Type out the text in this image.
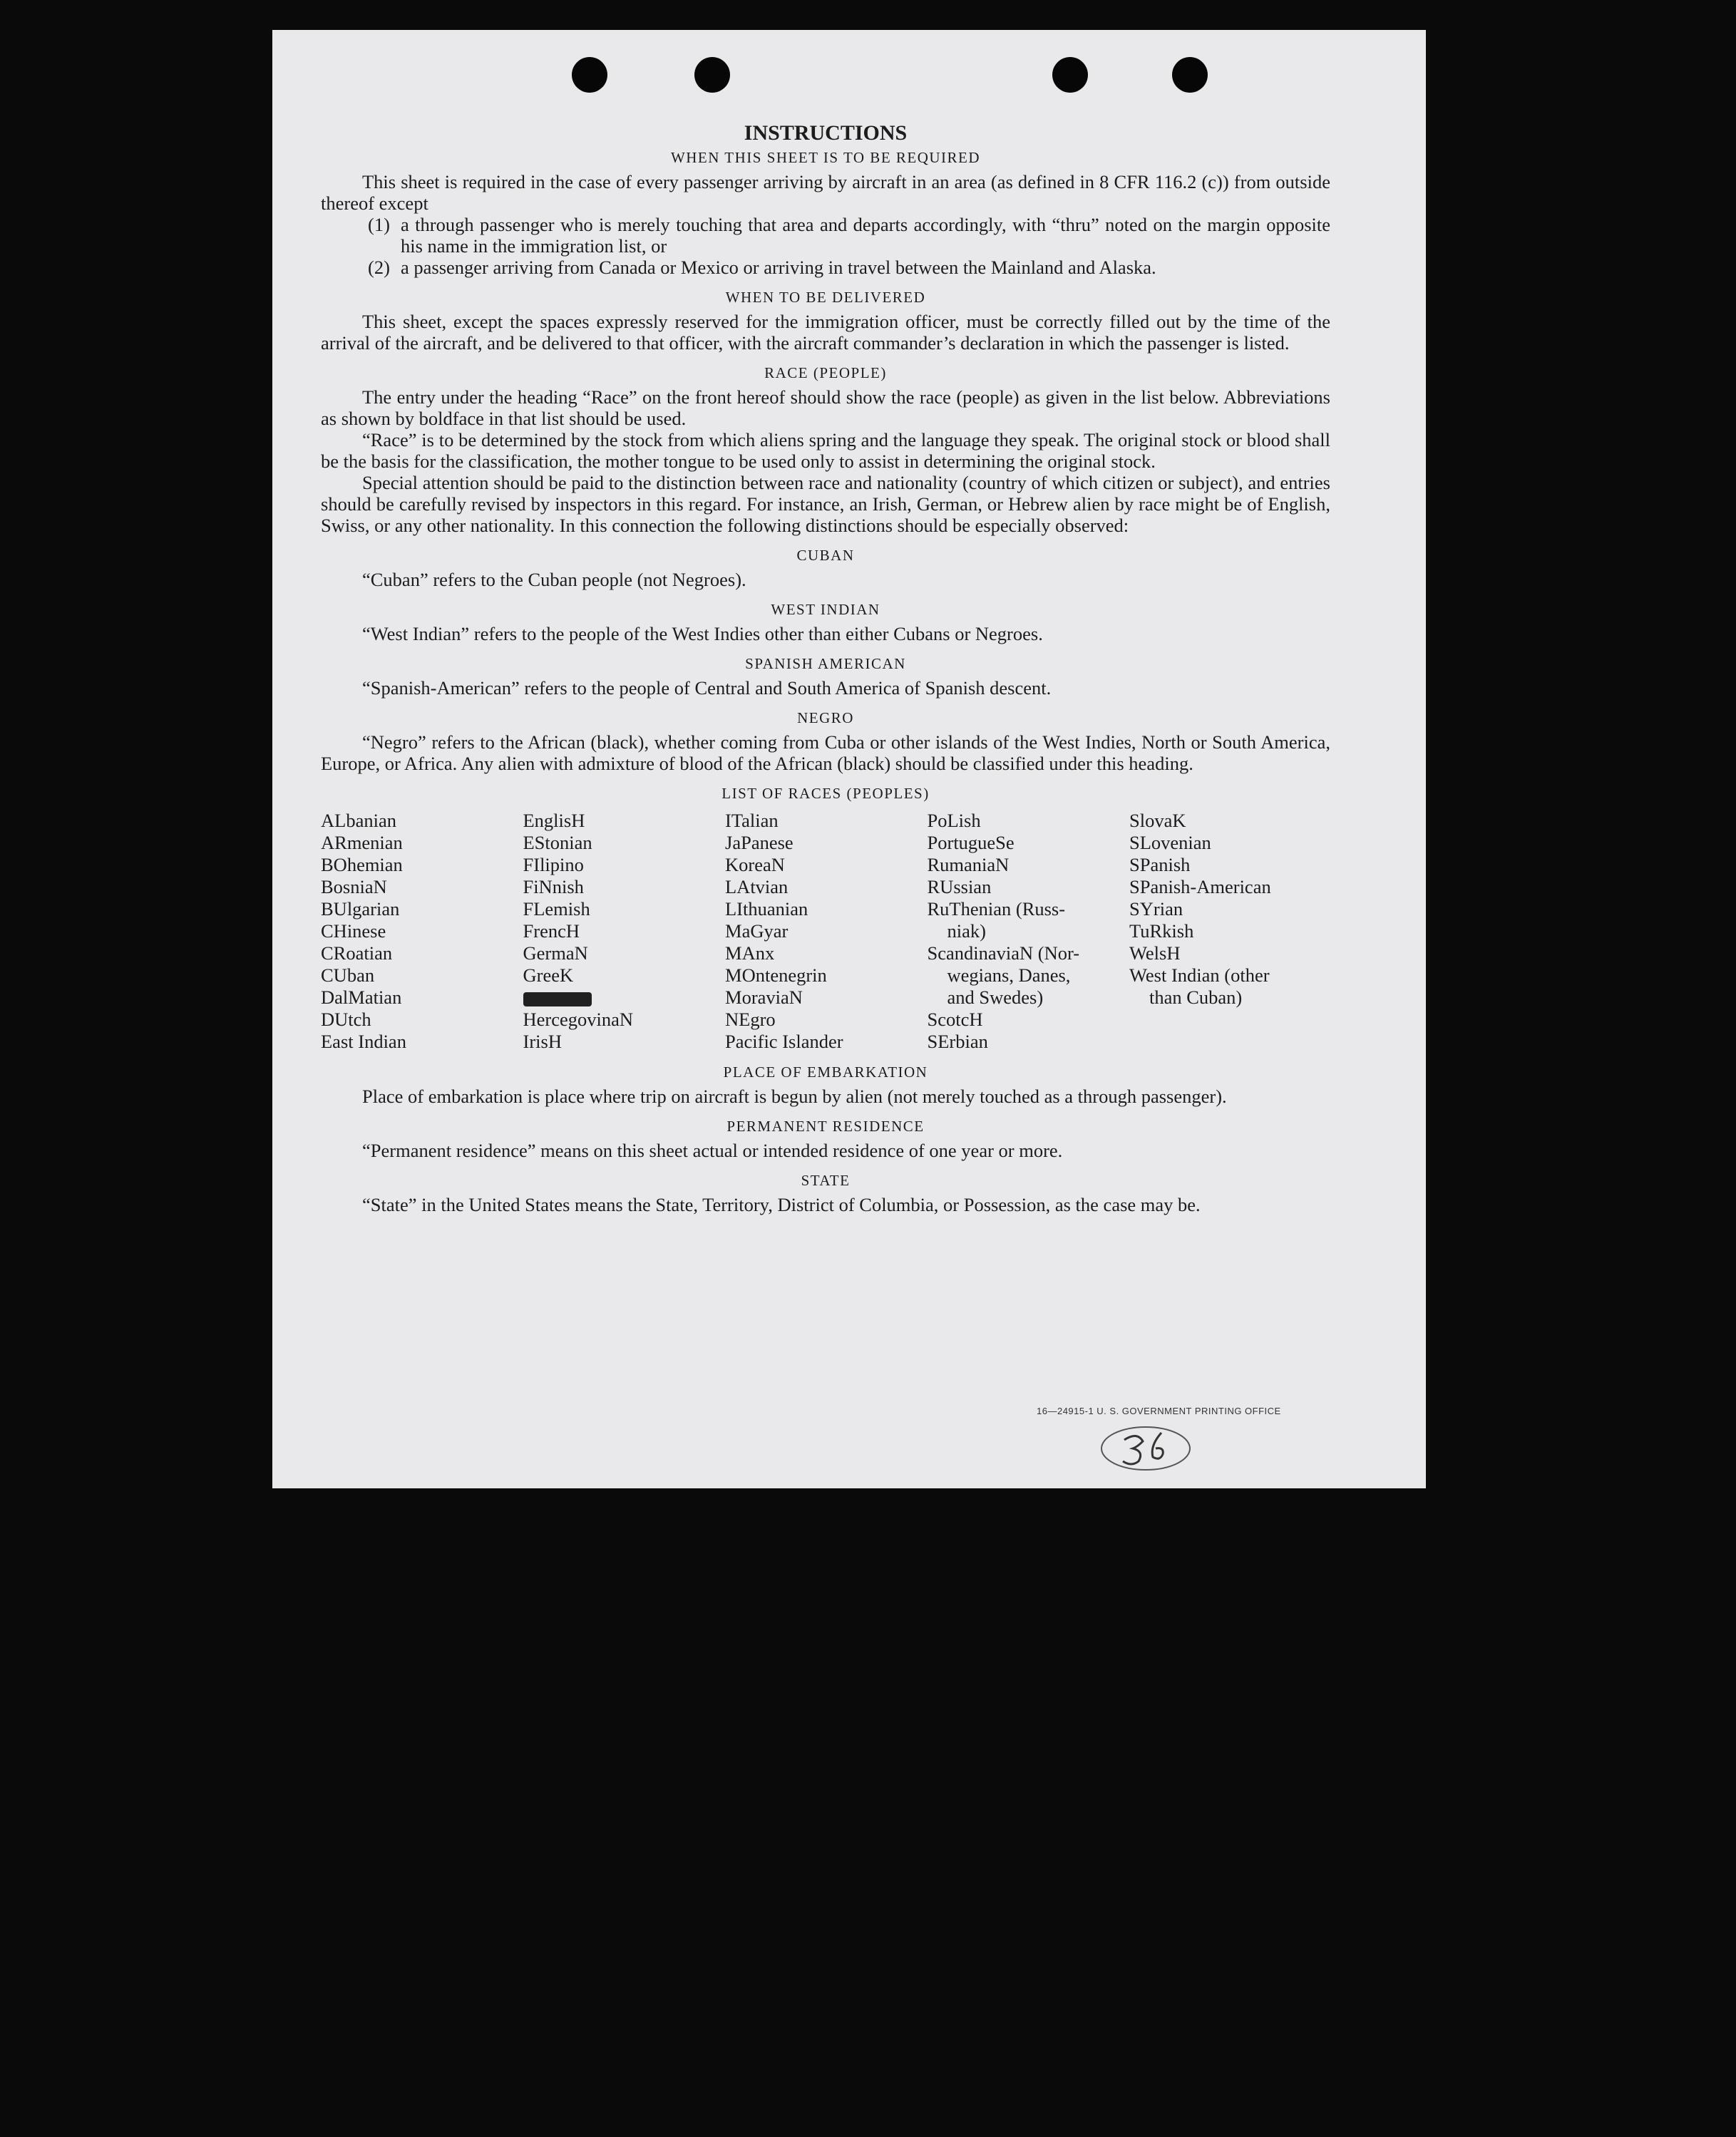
INSTRUCTIONS
WHEN THIS SHEET IS TO BE REQUIRED

This sheet is required in the case of every passenger arriving by aircraft in an area (as defined in 8 CFR 116.2 (c)) from outside thereof except

(1) a through passenger who is merely touching that area and departs accordingly, with “thru” noted on the margin opposite his name in the immigration list, or
(2) a passenger arriving from Canada or Mexico or arriving in travel between the Mainland and Alaska.
WHEN TO BE DELIVERED

This sheet, except the spaces expressly reserved for the immigration officer, must be correctly filled out by the time of the arrival of the aircraft, and be delivered to that officer, with the aircraft commander’s declaration in which the passenger is listed.

RACE (PEOPLE)

The entry under the heading “Race” on the front hereof should show the race (people) as given in the list below. Abbreviations as shown by boldface in that list should be used.

“Race” is to be determined by the stock from which aliens spring and the language they speak. The original stock or blood shall be the basis for the classification, the mother tongue to be used only to assist in determining the original stock.

Special attention should be paid to the distinction between race and nationality (country of which citizen or subject), and entries should be carefully revised by inspectors in this regard. For instance, an Irish, German, or Hebrew alien by race might be of English, Swiss, or any other nationality. In this connection the following distinctions should be especially observed:

CUBAN

“Cuban” refers to the Cuban people (not Negroes).

WEST INDIAN

“West Indian” refers to the people of the West Indies other than either Cubans or Negroes.

SPANISH AMERICAN

“Spanish-American” refers to the people of Central and South America of Spanish descent.

NEGRO

“Negro” refers to the African (black), whether coming from Cuba or other islands of the West Indies, North or South America, Europe, or Africa. Any alien with admixture of blood of the African (black) should be classified under this heading.

LIST OF RACES (PEOPLES)
ALbanian
ARmenian
BOhemian
BosniaN
BUlgarian
CHinese
CRoatian
CUban
DalMatian
DUtch
East Indian
EnglisH
EStonian
FIlipino
FiNnish
FLemish
FrencH
GermaN
GreeK
HercegovinaN
IrisH
ITalian
JaPanese
KoreaN
LAtvian
LIthuanian
MaGyar
MAnx
MOntenegrin
MoraviaN
NEgro
Pacific Islander
PoLish
PortugueSe
RumaniaN
RUssian
RuThenian (Russ-
niak)
ScandinaviaN (Nor-
wegians, Danes,
and Swedes)
ScotcH
SErbian
SlovaK
SLovenian
SPanish
SPanish-American
SYrian
TuRkish
WelsH
West Indian (other
than Cuban)
PLACE OF EMBARKATION

Place of embarkation is place where trip on aircraft is begun by alien (not merely touched as a through passenger).

PERMANENT RESIDENCE

“Permanent residence” means on this sheet actual or intended residence of one year or more.

STATE

“State” in the United States means the State, Territory, District of Columbia, or Possession, as the case may be.

16—24915-1 U. S. GOVERNMENT PRINTING OFFICE
